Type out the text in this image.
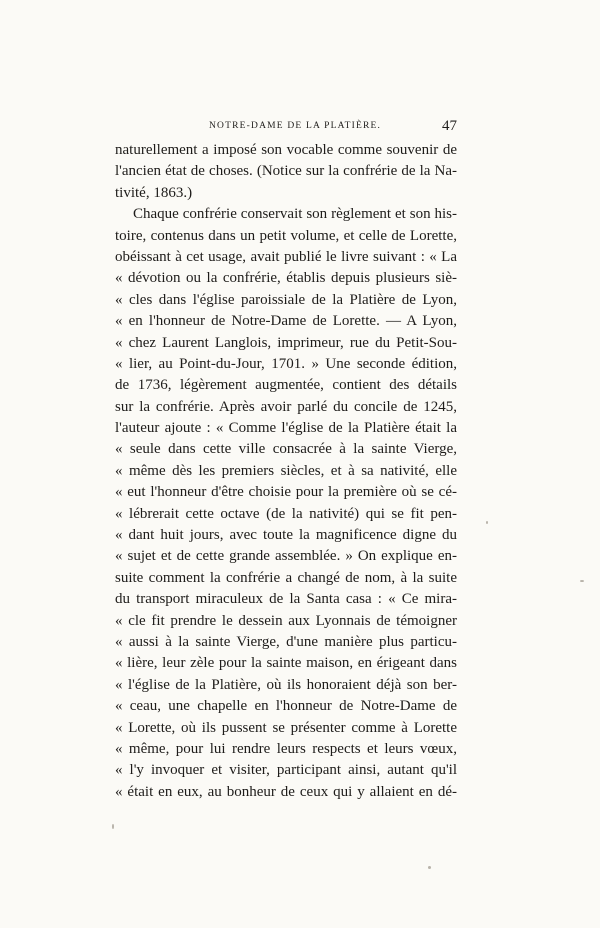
NOTRE-DAME DE LA PLATIÈRE.	47
naturellement a imposé son vocable comme souvenir de
l'ancien état de choses. (Notice sur la confrérie de la Na-
tivité, 1863.)
Chaque confrérie conservait son règlement et son his-
toire, contenus dans un petit volume, et celle de Lorette,
obéissant à cet usage, avait publié le livre suivant : « La
« dévotion ou la confrérie, établis depuis plusieurs siè-
« cles dans l'église paroissiale de la Platière de Lyon,
« en l'honneur de Notre-Dame de Lorette. — A Lyon,
« chez Laurent Langlois, imprimeur, rue du Petit-Sou-
« lier, au Point-du-Jour, 1701. » Une seconde édition,
de 1736, légèrement augmentée, contient des détails
sur la confrérie. Après avoir parlé du concile de 1245,
l'auteur ajoute : « Comme l'église de la Platière était la
« seule dans cette ville consacrée à la sainte Vierge,
« même dès les premiers siècles, et à sa nativité, elle
« eut l'honneur d'être choisie pour la première où se cé-
« lébrerait cette octave (de la nativité) qui se fit pen-
« dant huit jours, avec toute la magnificence digne du
« sujet et de cette grande assemblée. » On explique en-
suite comment la confrérie a changé de nom, à la suite
du transport miraculeux de la Santa casa : « Ce mira-
« cle fit prendre le dessein aux Lyonnais de témoigner
« aussi à la sainte Vierge, d'une manière plus particu-
« lière, leur zèle pour la sainte maison, en érigeant dans
« l'église de la Platière, où ils honoraient déjà son ber-
« ceau, une chapelle en l'honneur de Notre-Dame de
« Lorette, où ils pussent se présenter comme à Lorette
« même, pour lui rendre leurs respects et leurs vœux,
« l'y invoquer et visiter, participant ainsi, autant qu'il
« était en eux, au bonheur de ceux qui y allaient en dé-
